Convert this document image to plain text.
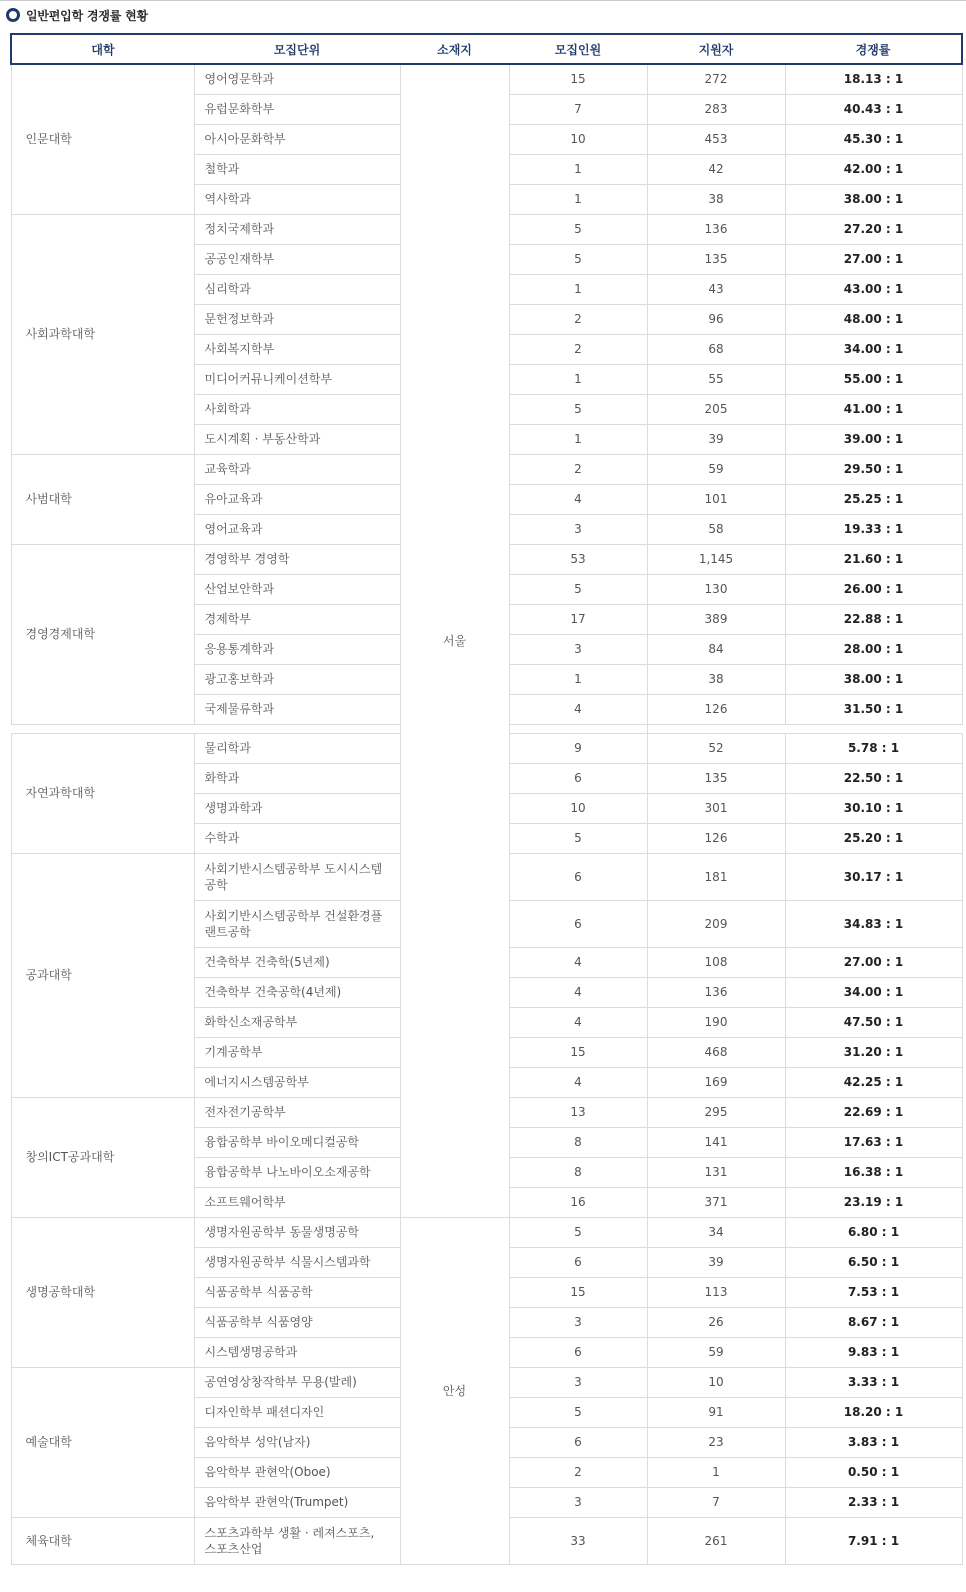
일반편입학 경쟁률 현황
대학	모집단위	소재지	모집인원	지원자	경쟁률
인문대학	영어영문학과	서울	15	272	18.13 : 1
	유럽문화학부		7	283	40.43 : 1
	아시아문화학부		10	453	45.30 : 1
	철학과		1	42	42.00 : 1
	역사학과		1	38	38.00 : 1
사회과학대학	정치국제학과		5	136	27.20 : 1
	공공인재학부		5	135	27.00 : 1
	심리학과		1	43	43.00 : 1
	문헌정보학과		2	96	48.00 : 1
	사회복지학부		2	68	34.00 : 1
	미디어커뮤니케이션학부		1	55	55.00 : 1
	사회학과		5	205	41.00 : 1
	도시계획 · 부동산학과		1	39	39.00 : 1
사범대학	교육학과		2	59	29.50 : 1
	유아교육과		4	101	25.25 : 1
	영어교육과		3	58	19.33 : 1
경영경제대학	경영학부 경영학		53	1,145	21.60 : 1
	산업보안학과		5	130	26.00 : 1
	경제학부		17	389	22.88 : 1
	응용통계학과		3	84	28.00 : 1
	광고홍보학과		1	38	38.00 : 1
	국제물류학과		4	126	31.50 : 1

자연과학대학	물리학과		9	52	5.78 : 1
	화학과		6	135	22.50 : 1
	생명과학과		10	301	30.10 : 1
	수학과		5	126	25.20 : 1
공과대학	사회기반시스템공학부 도시시스템공학		6	181	30.17 : 1
	사회기반시스템공학부 건설환경플랜트공학		6	209	34.83 : 1
	건축학부 건축학(5년제)		4	108	27.00 : 1
	건축학부 건축공학(4년제)		4	136	34.00 : 1
	화학신소재공학부		4	190	47.50 : 1
	기계공학부		15	468	31.20 : 1
	에너지시스템공학부		4	169	42.25 : 1
창의ICT공과대학	전자전기공학부		13	295	22.69 : 1
	융합공학부 바이오메디컬공학		8	141	17.63 : 1
	융합공학부 나노바이오소재공학		8	131	16.38 : 1
	소프트웨어학부		16	371	23.19 : 1
생명공학대학	생명자원공학부 동물생명공학	안성	5	34	6.80 : 1
	생명자원공학부 식물시스템과학		6	39	6.50 : 1
	식품공학부 식품공학		15	113	7.53 : 1
	식품공학부 식품영양		3	26	8.67 : 1
	시스템생명공학과		6	59	9.83 : 1
예술대학	공연영상창작학부 무용(발레)		3	10	3.33 : 1
	디자인학부 패션디자인		5	91	18.20 : 1
	음악학부 성악(남자)		6	23	3.83 : 1
	음악학부 관현악(Oboe)		2	1	0.50 : 1
	음악학부 관현악(Trumpet)		3	7	2.33 : 1
체육대학	스포츠과학부 생활 · 레져스포츠, 스포츠산업		33	261	7.91 : 1
